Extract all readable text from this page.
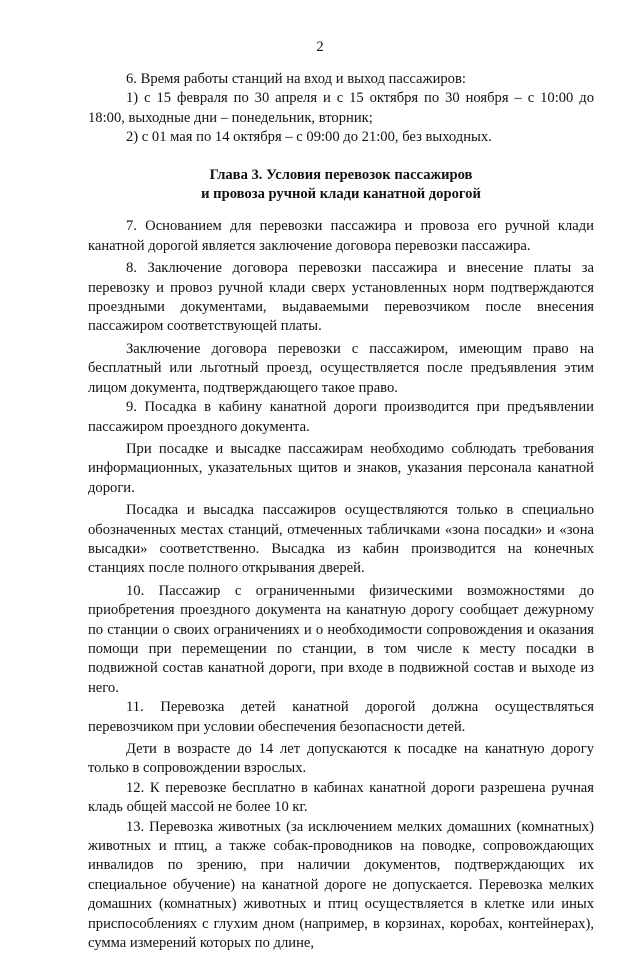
2

6. Время работы станций на вход и выход пассажиров:

1) с 15 февраля по 30 апреля и с 15 октября по 30 ноября – с 10:00 до 18:00, выходные дни – понедельник, вторник;

2) с 01 мая по 14 октября – с 09:00 до 21:00, без выходных.

Глава 3. Условия перевозок пассажиров
и провоза ручной клади канатной дорогой

7. Основанием для перевозки пассажира и провоза его ручной клади канатной дорогой является заключение договора перевозки пассажира.

8. Заключение договора перевозки пассажира и внесение платы за перевозку и провоз ручной клади сверх установленных норм подтверждаются проездными документами, выдаваемыми перевозчиком после внесения пассажиром соответствующей платы.

Заключение договора перевозки с пассажиром, имеющим право на бесплатный или льготный проезд, осуществляется после предъявления этим лицом документа, подтверждающего такое право.

9. Посадка в кабину канатной дороги производится при предъявлении пассажиром проездного документа.

При посадке и высадке пассажирам необходимо соблюдать требования информационных, указательных щитов и знаков, указания персонала канатной дороги.

Посадка и высадка пассажиров осуществляются только в специально обозначенных местах станций, отмеченных табличками «зона посадки» и «зона высадки» соответственно. Высадка из кабин производится на конечных станциях после полного открывания дверей.

10. Пассажир с ограниченными физическими возможностями до приобретения проездного документа на канатную дорогу сообщает дежурному по станции о своих ограничениях и о необходимости сопровождения и оказания помощи при перемещении по станции, в том числе к месту посадки в подвижной состав канатной дороги, при входе в подвижной состав и выходе из него.

11. Перевозка детей канатной дорогой должна осуществляться перевозчиком при условии обеспечения безопасности детей.

Дети в возрасте до 14 лет допускаются к посадке на канатную дорогу только в сопровождении взрослых.

12. К перевозке бесплатно в кабинах канатной дороги разрешена ручная кладь общей массой не более 10 кг.

13. Перевозка животных (за исключением мелких домашних (комнатных) животных и птиц, а также собак-проводников на поводке, сопровождающих инвалидов по зрению, при наличии документов, подтверждающих их специальное обучение) на канатной дороге не допускается. Перевозка мелких домашних (комнатных) животных и птиц осуществляется в клетке или иных приспособлениях с глухим дном (например, в корзинах, коробах, контейнерах), сумма измерений которых по длине,
